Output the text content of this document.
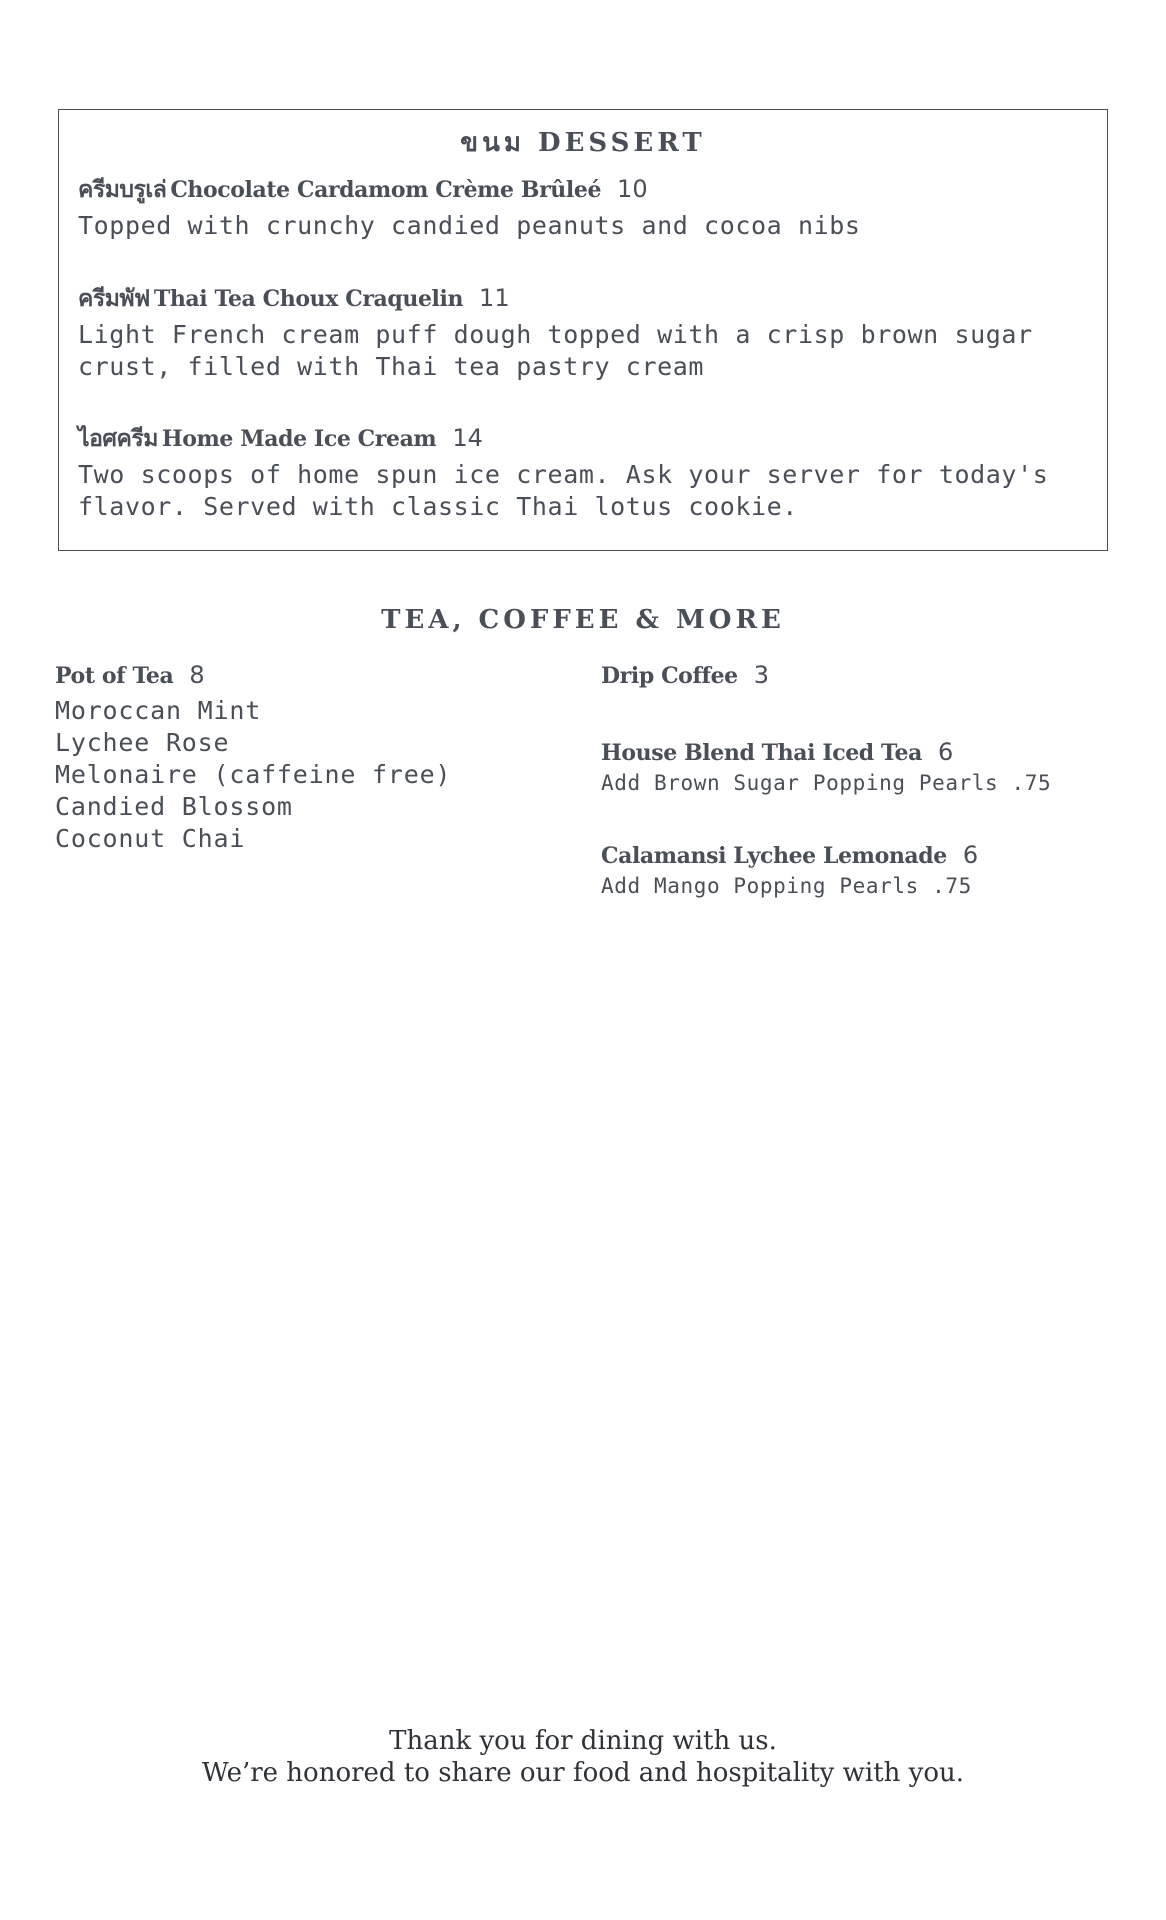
ขนม DESSERT
ครีมบรูเล่ Chocolate Cardamom Crème Brûleé 10
Topped with crunchy candied peanuts and cocoa nibs
ครีมพัฟ Thai Tea Choux Craquelin 11
Light French cream puff dough topped with a crisp brown sugar
crust, filled with Thai tea pastry cream
ไอศครีม Home Made Ice Cream 14
Two scoops of home spun ice cream. Ask your server for today's
flavor. Served with classic Thai lotus cookie.
TEA, COFFEE & MORE
Pot of Tea 8
Moroccan Mint
Lychee Rose
Melonaire (caffeine free)
Candied Blossom
Coconut Chai
Drip Coffee 3
House Blend Thai Iced Tea 6
Add Brown Sugar Popping Pearls .75
Calamansi Lychee Lemonade 6
Add Mango Popping Pearls .75
Thank you for dining with us.
We’re honored to share our food and hospitality with you.
